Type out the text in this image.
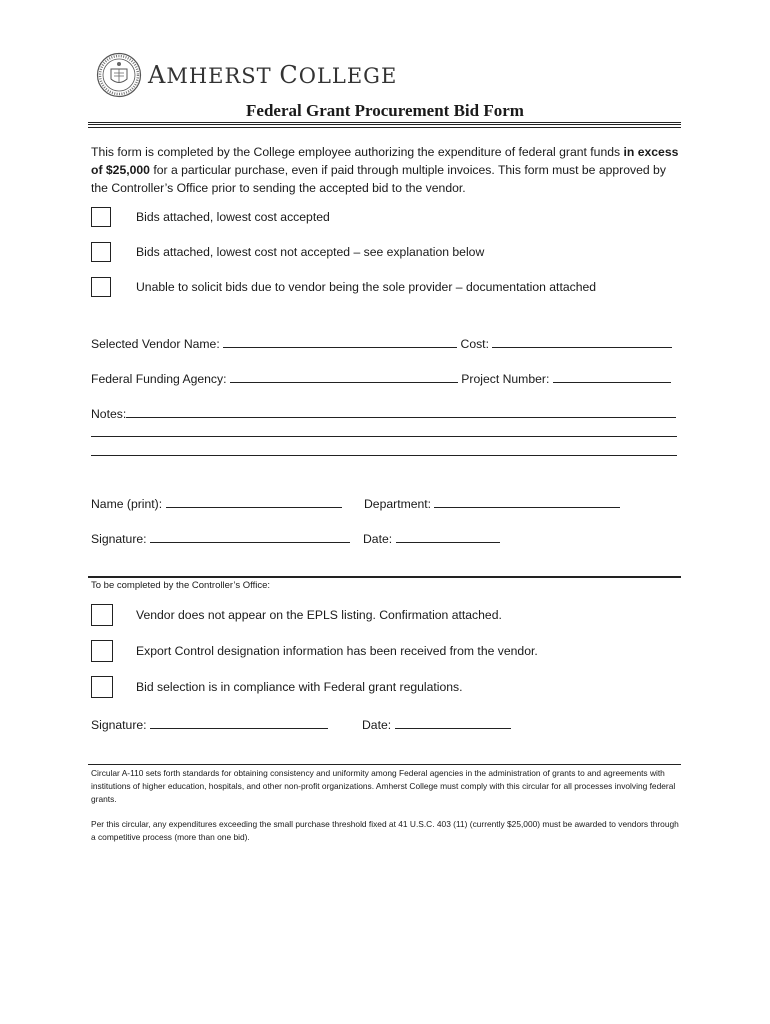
AMHERST COLLEGE
Federal Grant Procurement Bid Form
This form is completed by the College employee authorizing the expenditure of federal grant funds in excess of $25,000 for a particular purchase, even if paid through multiple invoices. This form must be approved by the Controller’s Office prior to sending the accepted bid to the vendor.
Bids attached, lowest cost accepted
Bids attached, lowest cost not accepted – see explanation below
Unable to solicit bids due to vendor being the sole provider – documentation attached
Selected Vendor Name:	Cost:
Federal Funding Agency:	Project Number:
Notes:
Name (print):	Department:
Signature:	Date:
To be completed by the Controller’s Office:
Vendor does not appear on the EPLS listing. Confirmation attached.
Export Control designation information has been received from the vendor.
Bid selection is in compliance with Federal grant regulations.
Signature:	Date:
Circular A-110 sets forth standards for obtaining consistency and uniformity among Federal agencies in the administration of grants to and agreements with institutions of higher education, hospitals, and other non-profit organizations. Amherst College must comply with this circular for all processes involving federal grants.
Per this circular, any expenditures exceeding the small purchase threshold fixed at 41 U.S.C. 403 (11) (currently $25,000) must be awarded to vendors through a competitive process (more than one bid).
